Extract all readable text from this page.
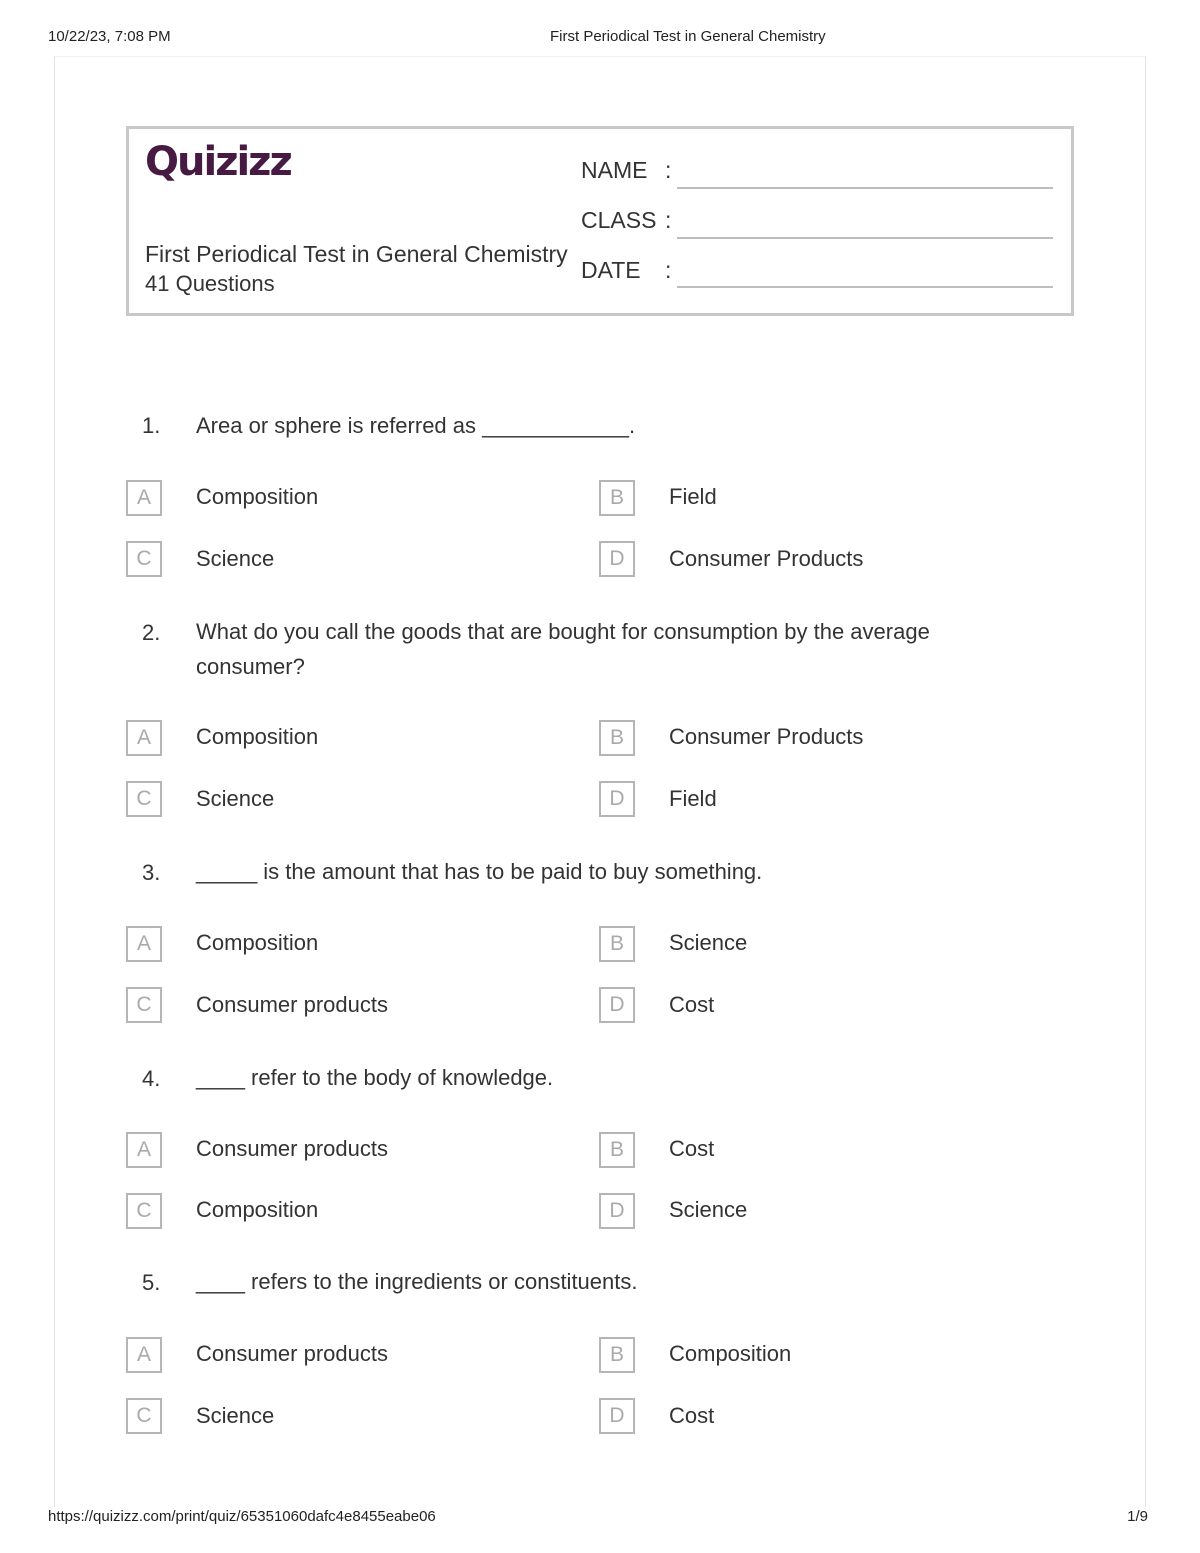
10/22/23, 7:08 PM	First Periodical Test in General Chemistry
Quizizz
First Periodical Test in General Chemistry
41 Questions
NAME :
CLASS :
DATE :
1. Area or sphere is referred as ____________.
A	Composition	B	Field
C	Science	D	Consumer Products
2. What do you call the goods that are bought for consumption by the average consumer?
A	Composition	B	Consumer Products
C	Science	D	Field
3. _____ is the amount that has to be paid to buy something.
A	Composition	B	Science
C	Consumer products	D	Cost
4. ____ refer to the body of knowledge.
A	Consumer products	B	Cost
C	Composition	D	Science
5. ____ refers to the ingredients or constituents.
A	Consumer products	B	Composition
C	Science	D	Cost
https://quizizz.com/print/quiz/65351060dafc4e8455eabe06	1/9
